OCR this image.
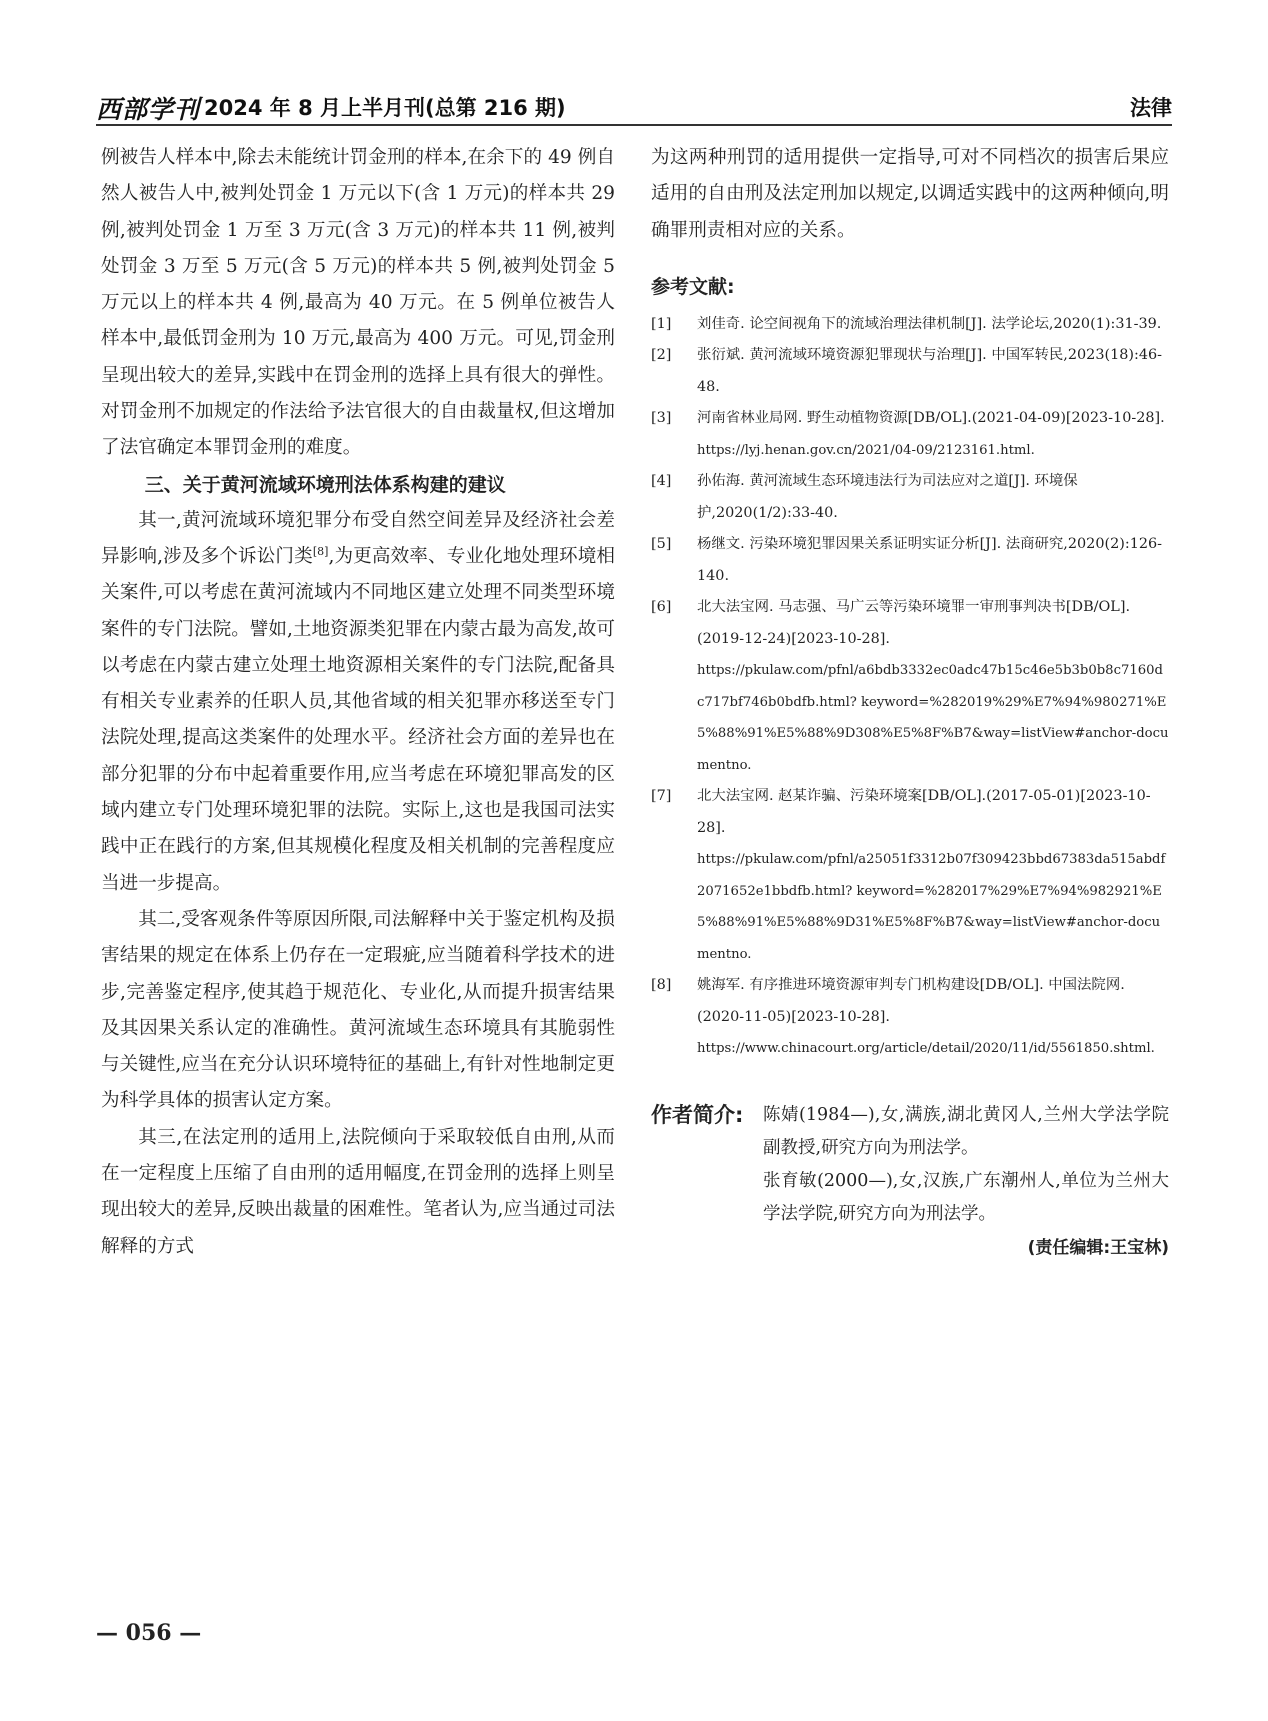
西部学刊 2024 年 8 月上半月刊(总第 216 期)	法律

例被告人样本中,除去未能统计罚金刑的样本,在余下的 49 例自然人被告人中,被判处罚金 1 万元以下(含 1 万元)的样本共 29 例,被判处罚金 1 万至 3 万元(含 3 万元)的样本共 11 例,被判处罚金 3 万至 5 万元(含 5 万元)的样本共 5 例,被判处罚金 5 万元以上的样本共 4 例,最高为 40 万元。在 5 例单位被告人样本中,最低罚金刑为 10 万元,最高为 400 万元。可见,罚金刑呈现出较大的差异,实践中在罚金刑的选择上具有很大的弹性。对罚金刑不加规定的作法给予法官很大的自由裁量权,但这增加了法官确定本罪罚金刑的难度。

三、关于黄河流域环境刑法体系构建的建议

其一,黄河流域环境犯罪分布受自然空间差异及经济社会差异影响,涉及多个诉讼门类[8],为更高效率、专业化地处理环境相关案件,可以考虑在黄河流域内不同地区建立处理不同类型环境案件的专门法院。譬如,土地资源类犯罪在内蒙古最为高发,故可以考虑在内蒙古建立处理土地资源相关案件的专门法院,配备具有相关专业素养的任职人员,其他省域的相关犯罪亦移送至专门法院处理,提高这类案件的处理水平。经济社会方面的差异也在部分犯罪的分布中起着重要作用,应当考虑在环境犯罪高发的区域内建立专门处理环境犯罪的法院。实际上,这也是我国司法实践中正在践行的方案,但其规模化程度及相关机制的完善程度应当进一步提高。

其二,受客观条件等原因所限,司法解释中关于鉴定机构及损害结果的规定在体系上仍存在一定瑕疵,应当随着科学技术的进步,完善鉴定程序,使其趋于规范化、专业化,从而提升损害结果及其因果关系认定的准确性。黄河流域生态环境具有其脆弱性与关键性,应当在充分认识环境特征的基础上,有针对性地制定更为科学具体的损害认定方案。

其三,在法定刑的适用上,法院倾向于采取较低自由刑,从而在一定程度上压缩了自由刑的适用幅度,在罚金刑的选择上则呈现出较大的差异,反映出裁量的困难性。笔者认为,应当通过司法解释的方式

为这两种刑罚的适用提供一定指导,可对不同档次的损害后果应适用的自由刑及法定刑加以规定,以调适实践中的这两种倾向,明确罪刑责相对应的关系。

参考文献:
[1] 刘佳奇. 论空间视角下的流域治理法律机制[J]. 法学论坛,2020(1):31-39.
[2] 张衍斌. 黄河流域环境资源犯罪现状与治理[J]. 中国军转民,2023(18):46-48.
[3] 河南省林业局网. 野生动植物资源[DB/OL].(2021-04-09)[2023-10-28].
https://lyj.henan.gov.cn/2021/04-09/2123161.html.
[4] 孙佑海. 黄河流域生态环境违法行为司法应对之道[J]. 环境保护,2020(1/2):33-40.
[5] 杨继文. 污染环境犯罪因果关系证明实证分析[J]. 法商研究,2020(2):126-140.
[6] 北大法宝网. 马志强、马广云等污染环境罪一审刑事判决书[DB/OL].(2019-12-24)[2023-10-28].
https://pkulaw.com/pfnl/a6bdb3332ec0adc47b15c46e5b3b0b8c7160dc717bf746b0bdfb.html? keyword=%282019%29%E7%94%980271%E5%88%91%E5%88%9D308%E5%8F%B7&way=listView#anchor-documentno.
[7] 北大法宝网. 赵某诈骗、污染环境案[DB/OL].(2017-05-01)[2023-10-28].
https://pkulaw.com/pfnl/a25051f3312b07f309423bbd67383da515abdf2071652e1bbdfb.html? keyword=%282017%29%E7%94%982921%E5%88%91%E5%88%9D31%E5%8F%B7&way=listView#anchor-documentno.
[8] 姚海军. 有序推进环境资源审判专门机构建设[DB/OL]. 中国法院网.(2020-11-05)[2023-10-28].
https://www.chinacourt.org/article/detail/2020/11/id/5561850.shtml.
作者简介: 陈婧(1984—),女,满族,湖北黄冈人,兰州大学法学院副教授,研究方向为刑法学。
张育敏(2000—),女,汉族,广东潮州人,单位为兰州大学法学院,研究方向为刑法学。
(责任编辑:王宝林)
— 056 —
